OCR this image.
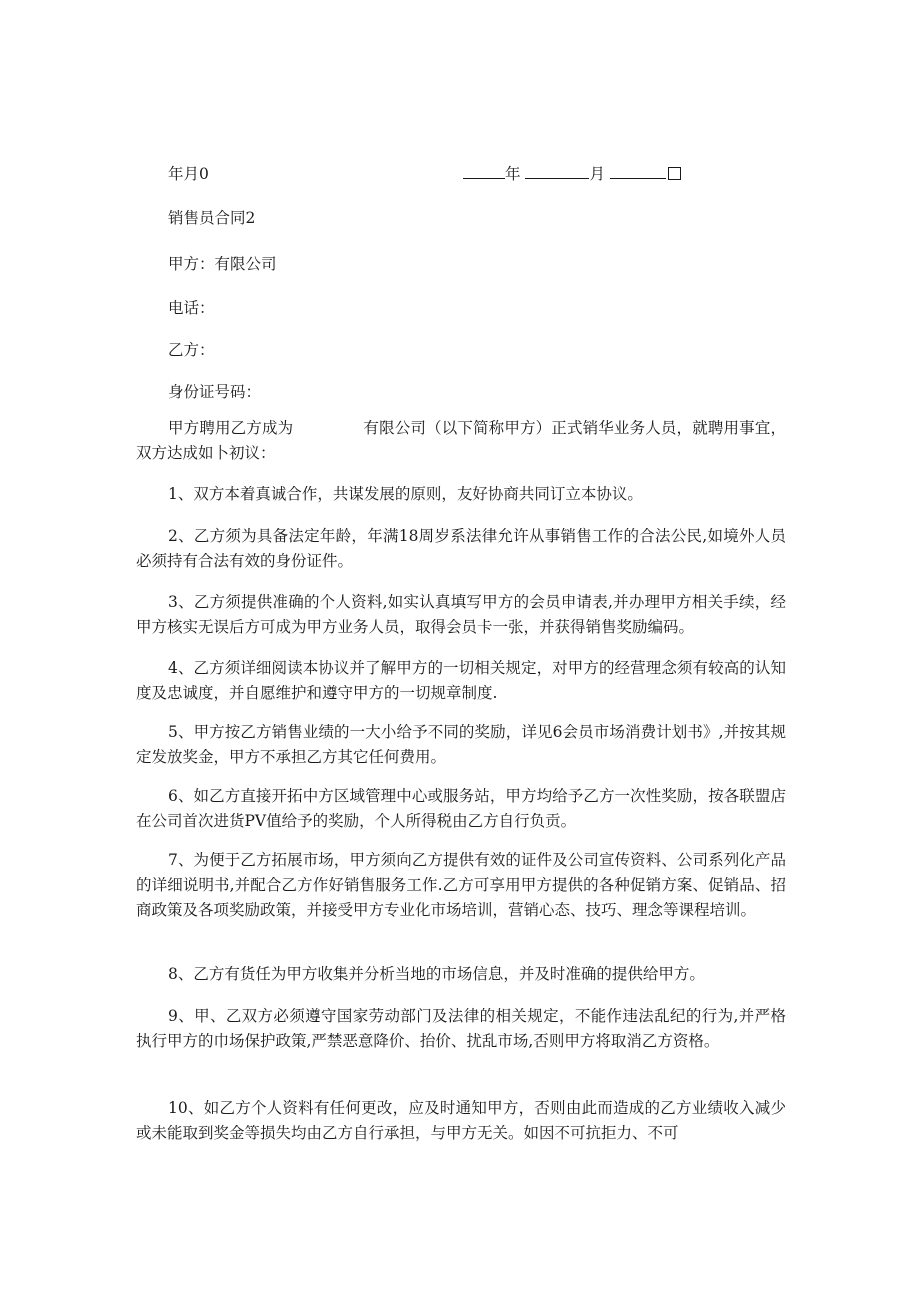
年月0	年	月
销售员合同2
甲方：有限公司
电话：
乙方：
身份证号码：
甲方聘用乙方成为	有限公司（以下简称甲方）正式销华业务人员，就聘用事宜，双方达成如卜初议：
1、双方本着真诚合作，共谋发展的原则，友好协商共同订立本协议。
2、乙方须为具备法定年龄，年满18周岁系法律允许从事销售工作的合法公民,如境外人员必须持有合法有效的身份证件。
3、乙方须提供准确的个人资料,如实认真填写甲方的会员申请表,并办理甲方相关手续，经甲方核实无误后方可成为甲方业务人员，取得会员卡一张，并获得销售奖励编码。
4、乙方须详细阅读本协议并了解甲方的一切相关规定，对甲方的经营理念须有较高的认知度及忠诚度，并自愿维护和遵守甲方的一切规章制度.
5、甲方按乙方销售业绩的一大小给予不同的奖励，详见6会员市场消费计划书》,并按其规定发放奖金，甲方不承担乙方其它任何费用。
6、如乙方直接开拓中方区域管理中心或服务站，甲方均给予乙方一次性奖励，按各联盟店在公司首次进货PV值给予的奖励，个人所得税由乙方自行负贡。
7、为便于乙方拓展市场，甲方须向乙方提供有效的证件及公司宣传资料、公司系列化产品的详细说明书,并配合乙方作好销售服务工作.乙方可享用甲方提供的各种促销方案、促销品、招商政策及各项奖励政策，并接受甲方专业化市场培训，营销心态、技巧、理念等课程培训。
8、乙方有货任为甲方收集并分析当地的市场信息，并及时准确的提供给甲方。
9、甲、乙双方必须遵守国家劳动部门及法律的相关规定，不能作违法乱纪的行为,并严格执行甲方的巾场保护政策,严禁恶意降价、抬价、扰乱市场,否则甲方将取消乙方资格。
10、如乙方个人资料有任何更改，应及时通知甲方，否则由此而造成的乙方业绩收入减少或未能取到奖金等损失均由乙方自行承担，与甲方无关。如因不可抗拒力、不可
